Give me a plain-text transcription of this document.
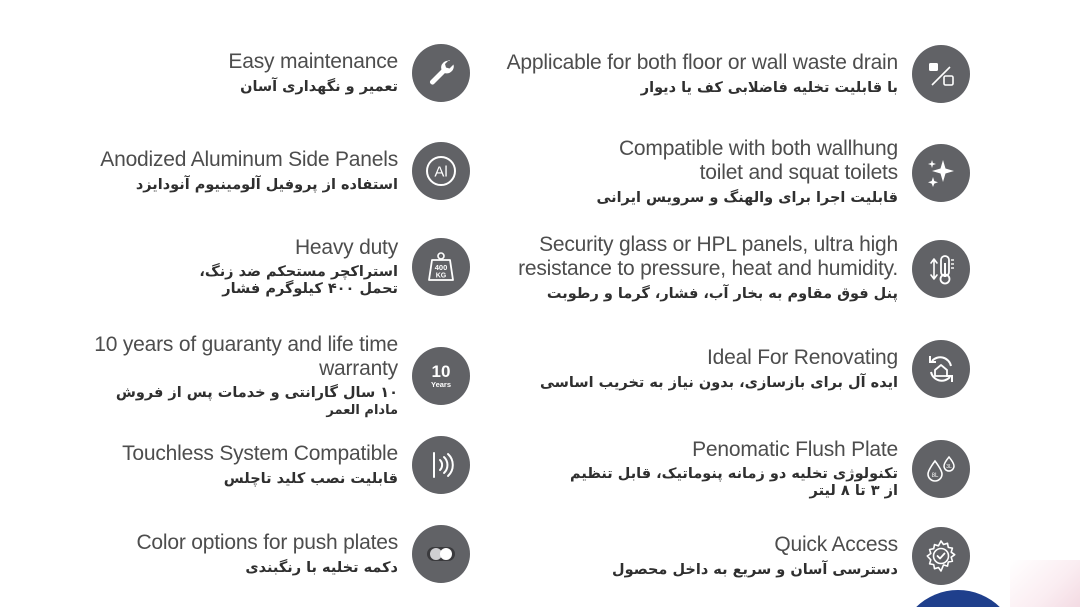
Easy maintenance
تعمیر و نگهداری آسان
Anodized Aluminum Side Panels
استفاده از پروفیل آلومینیوم آنودایزد
Al
Heavy duty
استراکچر مستحکم ضد زنگ،
تحمل ۴۰۰ کیلوگرم فشار
400
KG
10 years of guaranty and life time
warranty
۱۰ سال گارانتی و خدمات پس از فروش
مادام العمر
10
Years
Touchless System Compatible
قابلیت نصب کلید تاچلس
Color options for push plates
دکمه تخلیه با رنگبندی
Applicable for both floor or wall waste drain
با قابلیت تخلیه فاضلابی کف یا دیوار
Compatible with both wallhung
toilet and squat toilets
قابلیت اجرا برای والهنگ و سرویس ایرانی
Security glass or HPL panels, ultra high
resistance to pressure, heat and humidity.
پنل فوق مقاوم به بخار آب، فشار، گرما و رطوبت
Ideal For Renovating
ایده آل برای بازسازی، بدون نیاز به تخریب اساسی
Penomatic Flush Plate
تکنولوژی تخلیه دو زمانه پنوماتیک، قابل تنظیم
از ۳ تا ۸ لیتر
8L
3L
Quick Access
دسترسی آسان و سریع به داخل محصول
